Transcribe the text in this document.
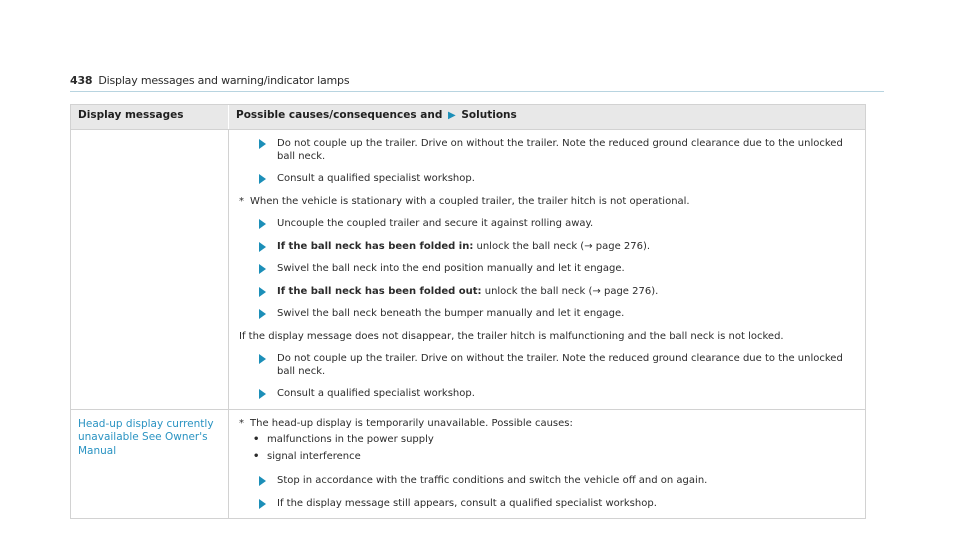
438 Display messages and warning/indicator lamps
Display messages	Possible causes/consequences and ▶ Solutions
Do not couple up the trailer. Drive on without the trailer. Note the reduced ground clearance due to the unlocked ball neck.
Consult a qualified specialist workshop.
* When the vehicle is stationary with a coupled trailer, the trailer hitch is not operational.
Uncouple the coupled trailer and secure it against rolling away.
If the ball neck has been folded in: unlock the ball neck (→ page 276).
Swivel the ball neck into the end position manually and let it engage.
If the ball neck has been folded out: unlock the ball neck (→ page 276).
Swivel the ball neck beneath the bumper manually and let it engage.
If the display message does not disappear, the trailer hitch is malfunctioning and the ball neck is not locked.
Do not couple up the trailer. Drive on without the trailer. Note the reduced ground clearance due to the unlocked ball neck.
Consult a qualified specialist workshop.
Head-up display currently unavailable See Owner's Manual
* The head-up display is temporarily unavailable. Possible causes:
• malfunctions in the power supply
• signal interference
Stop in accordance with the traffic conditions and switch the vehicle off and on again.
If the display message still appears, consult a qualified specialist workshop.
